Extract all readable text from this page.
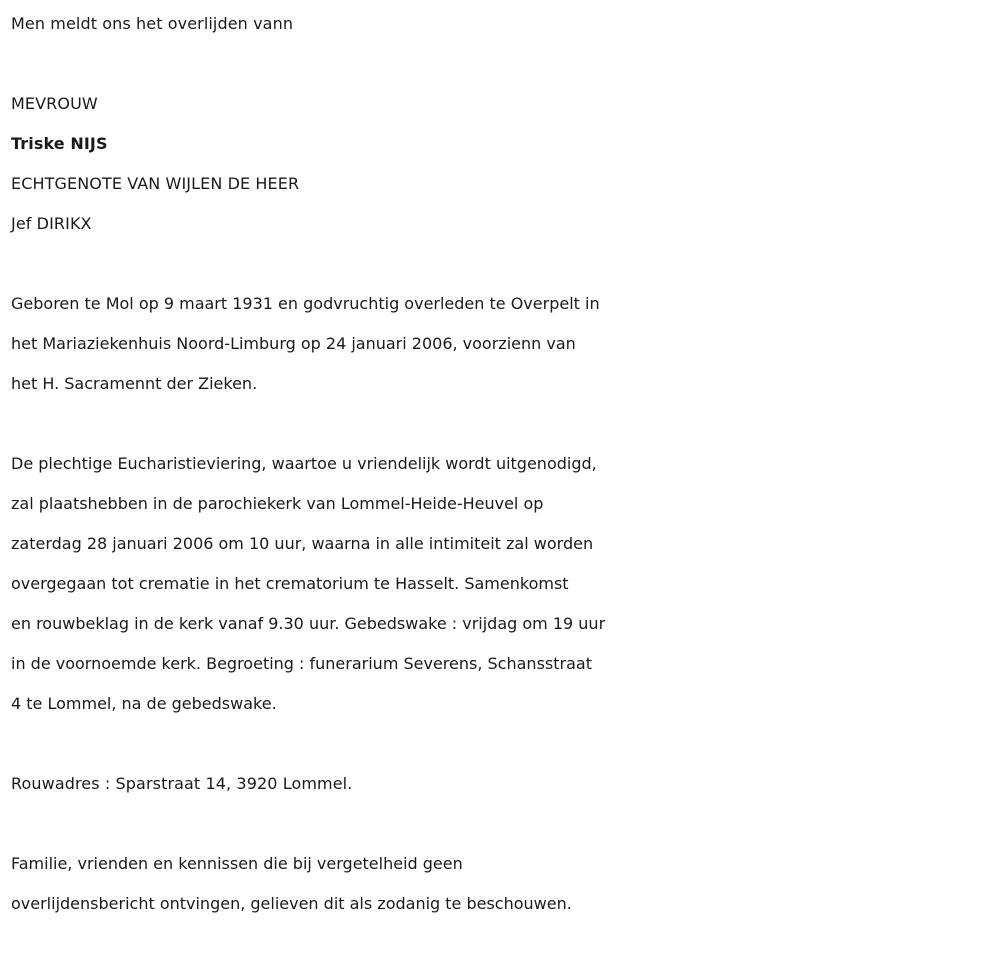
Men meldt ons het overlijden vann
MEVROUW
Triske NIJS
ECHTGENOTE VAN WIJLEN DE HEER
Jef DIRIKX
Geboren te Mol op 9 maart 1931 en godvruchtig overleden te Overpelt in
het Mariaziekenhuis Noord-Limburg op 24 januari 2006, voorzienn van
het H. Sacramennt der Zieken.
De plechtige Eucharistieviering, waartoe u vriendelijk wordt uitgenodigd,
zal plaatshebben in de parochiekerk van Lommel-Heide-Heuvel op
zaterdag 28 januari 2006 om 10 uur, waarna in alle intimiteit zal worden
overgegaan tot crematie in het crematorium te Hasselt. Samenkomst
en rouwbeklag in de kerk vanaf 9.30 uur. Gebedswake : vrijdag om 19 uur
in de voornoemde kerk. Begroeting : funerarium Severens, Schansstraat
4 te Lommel, na de gebedswake.
Rouwadres : Sparstraat 14, 3920 Lommel.
Familie, vrienden en kennissen die bij vergetelheid geen
overlijdensbericht ontvingen, gelieven dit als zodanig te beschouwen.
